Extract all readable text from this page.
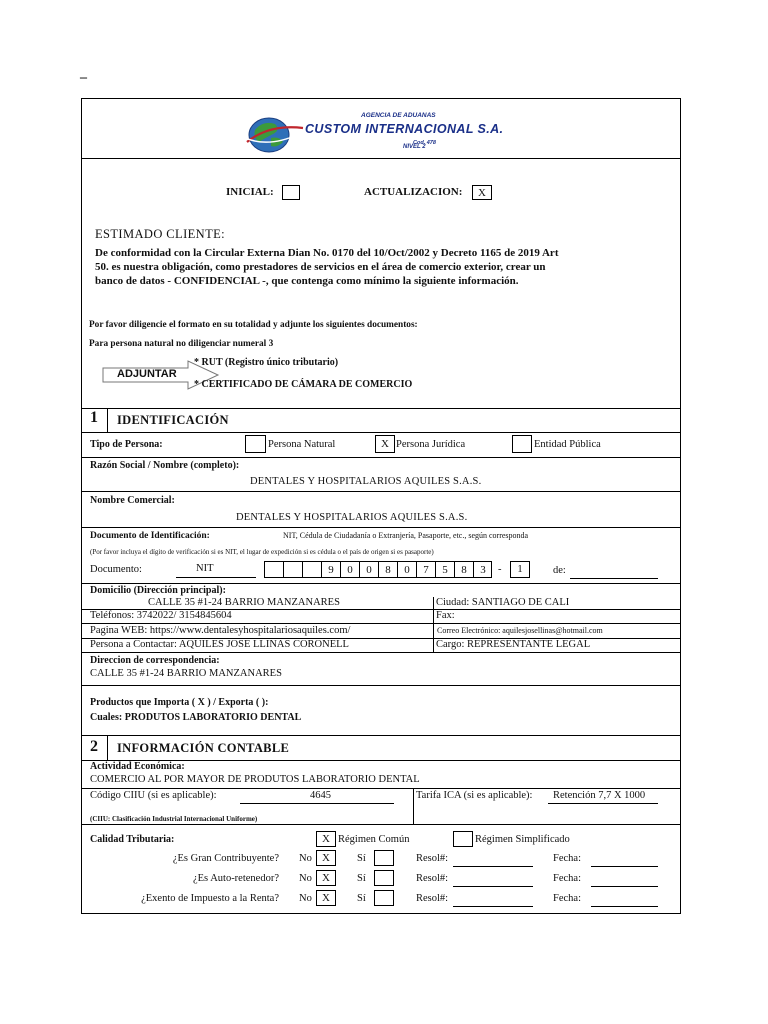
–
AGENCIA DE ADUANAS
CUSTOM INTERNACIONAL S.A.
Cod. 478
NIVEL 2
INICIAL:	ACTUALIZACION:	X
ESTIMADO CLIENTE:
De conformidad con la Circular Externa Dian No. 0170 del 10/Oct/2002 y Decreto 1165 de 2019 Art
50. es nuestra obligación, como prestadores de servicios en el área de comercio exterior, crear un
banco de datos - CONFIDENCIAL -, que contenga como mínimo la siguiente información.
Por favor diligencie el formato en su totalidad y adjunte los siguientes documentos:
Para persona natural no diligenciar numeral 3
ADJUNTAR
* RUT (Registro único tributario)
* CERTIFICADO DE CÁMARA DE COMERCIO
1 IDENTIFICACIÓN
Tipo de Persona:	Persona Natural	X Persona Jurídica	Entidad Pública
Razón Social / Nombre (completo):
DENTALES Y HOSPITALARIOS AQUILES S.A.S.
Nombre Comercial:
DENTALES Y HOSPITALARIOS AQUILES S.A.S.
Documento de Identificación:	NIT, Cédula de Ciudadanía o Extranjería, Pasaporte, etc., según corresponda
(Por favor incluya el dígito de verificación si es NIT, el lugar de expedición si es cédula o el país de origen si es pasaporte)
Documento:	NIT	9	0	0	8	0	7	5	8	3	-	1	de:
Domicilio (Dirección principal):
CALLE 35 #1-24 BARRIO MANZANARES	Ciudad: SANTIAGO DE CALI
Teléfonos: 3742022/ 3154845604	Fax:
Pagina WEB: https://www.dentalesyhospitalariosaquiles.com/	Correo Electrónico: aquilesjosellinas@hotmail.com
Persona a Contactar: AQUILES JOSE LLINAS CORONELL	Cargo: REPRESENTANTE LEGAL
Direccion de correspondencia:
CALLE 35 #1-24 BARRIO MANZANARES
Productos que Importa ( X ) / Exporta ( ):
Cuales: PRODUTOS LABORATORIO DENTAL
2 INFORMACIÓN CONTABLE
Actividad Económica:
COMERCIO AL POR MAYOR DE PRODUTOS LABORATORIO DENTAL
Código CIIU (si es aplicable):	4645	Tarifa ICA (si es aplicable): Retención 7,7 X 1000
(CIIU: Clasificación Industrial Internacional Uniforme)
Calidad Tributaria:	X Régimen Común	Régimen Simplificado
¿Es Gran Contribuyente? No X	Sí	Resol#:	Fecha:
¿Es Auto-retenedor? No X	Sí	Resol#:	Fecha:
¿Exento de Impuesto a la Renta? No X	Sí	Resol#:	Fecha:
